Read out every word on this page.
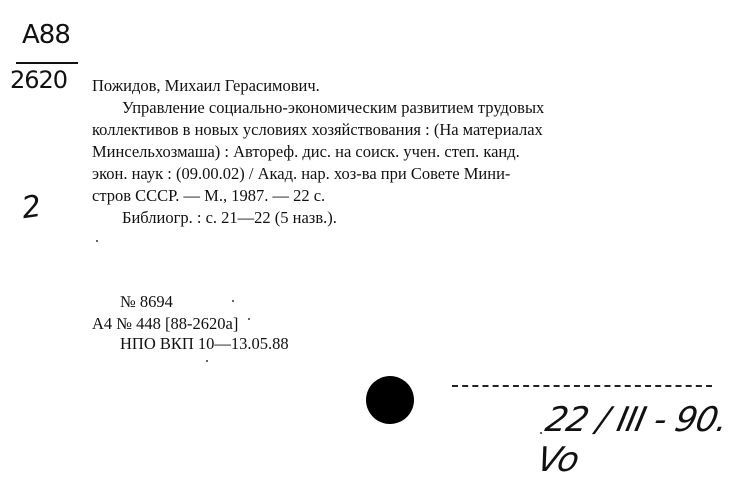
А88
2620
2
Пожидов, Михаил Герасимович.
Управление социально-экономическим развитием трудовых
коллективов в новых условиях хозяйствования : (На материалах
Минсельхозмаша) : Автореф. дис. на соиск. учен. степ. канд.
экон. наук : (09.00.02) / Акад. нар. хоз-ва при Совете Мини-
стров СССР. — М., 1987. — 22 с.
Библиогр. : с. 21—22 (5 назв.).
№ 8694
А4 № 448 [88-2620а]
НПО ВКП 10—13.05.88
22 / III - 90. Vo
